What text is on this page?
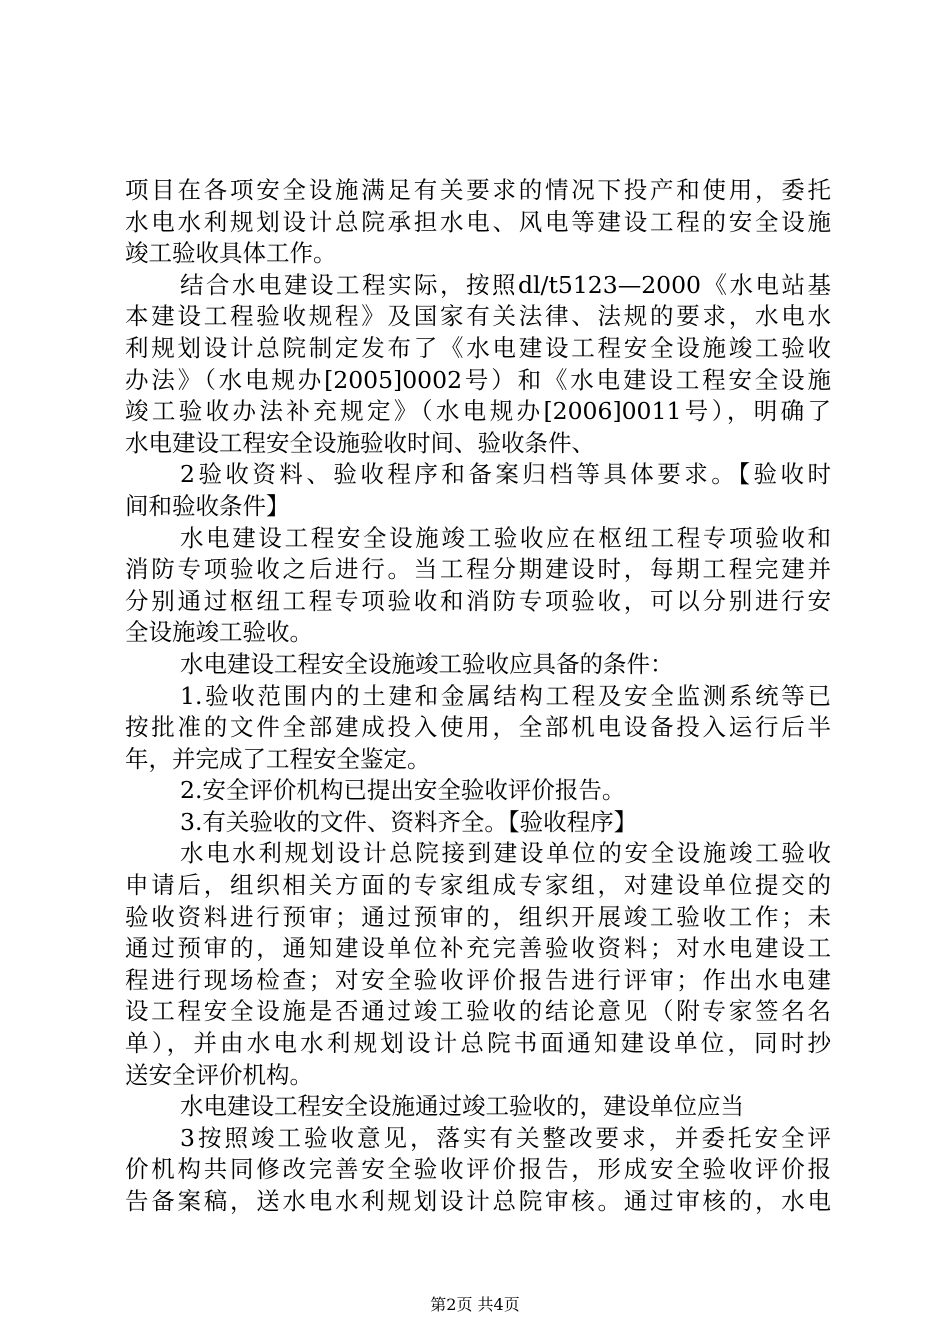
项目在各项安全设施满足有关要求的情况下投产和使用，委托
水电水利规划设计总院承担水电、风电等建设工程的安全设施
竣工验收具体工作。
结合水电建设工程实际，按照dl/t5123—2000《水电站基
本建设工程验收规程》及国家有关法律、法规的要求，水电水
利规划设计总院制定发布了《水电建设工程安全设施竣工验收
办法》（水电规办[2005]0002号）和《水电建设工程安全设施
竣工验收办法补充规定》（水电规办[2006]0011号），明确了
水电建设工程安全设施验收时间、验收条件、
2验收资料、验收程序和备案归档等具体要求。【验收时
间和验收条件】
水电建设工程安全设施竣工验收应在枢纽工程专项验收和
消防专项验收之后进行。当工程分期建设时，每期工程完建并
分别通过枢纽工程专项验收和消防专项验收，可以分别进行安
全设施竣工验收。
水电建设工程安全设施竣工验收应具备的条件：
1.验收范围内的土建和金属结构工程及安全监测系统等已
按批准的文件全部建成投入使用，全部机电设备投入运行后半
年，并完成了工程安全鉴定。
2.安全评价机构已提出安全验收评价报告。
3.有关验收的文件、资料齐全。【验收程序】
水电水利规划设计总院接到建设单位的安全设施竣工验收
申请后，组织相关方面的专家组成专家组，对建设单位提交的
验收资料进行预审；通过预审的，组织开展竣工验收工作；未
通过预审的，通知建设单位补充完善验收资料；对水电建设工
程进行现场检查；对安全验收评价报告进行评审；作出水电建
设工程安全设施是否通过竣工验收的结论意见（附专家签名名
单），并由水电水利规划设计总院书面通知建设单位，同时抄
送安全评价机构。
水电建设工程安全设施通过竣工验收的，建设单位应当
3按照竣工验收意见，落实有关整改要求，并委托安全评
价机构共同修改完善安全验收评价报告，形成安全验收评价报
告备案稿，送水电水利规划设计总院审核。通过审核的，水电
第2页 共4页
